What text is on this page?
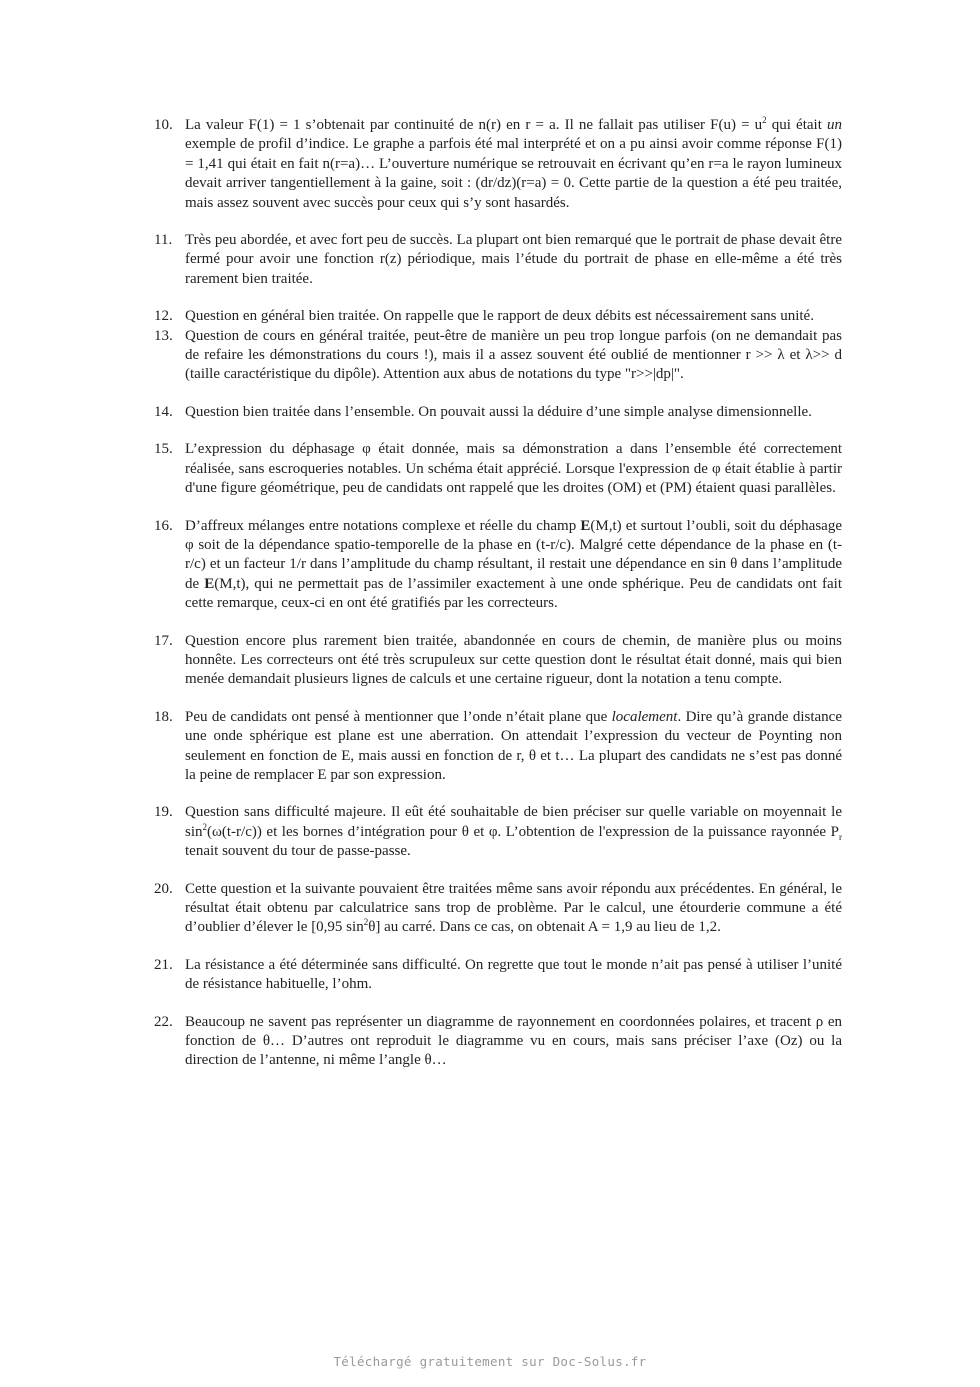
10. La valeur F(1) = 1 s’obtenait par continuité de n(r) en r = a. Il ne fallait pas utiliser $F(u) = u^2$ qui était un exemple de profil d’indice. Le graphe a parfois été mal interprété et on a pu ainsi avoir comme réponse F(1) = 1,41 qui était en fait n(r=a)… L’ouverture numérique se retrouvait en écrivant qu’en r=a le rayon lumineux devait arriver tangentiellement à la gaine, soit : (dr/dz)(r=a) = 0. Cette partie de la question a été peu traitée, mais assez souvent avec succès pour ceux qui s’y sont hasardés.
11. Très peu abordée, et avec fort peu de succès. La plupart ont bien remarqué que le portrait de phase devait être fermé pour avoir une fonction r(z) périodique, mais l’étude du portrait de phase en elle-même a été très rarement bien traitée.
12. Question en général bien traitée. On rappelle que le rapport de deux débits est nécessairement sans unité.
13. Question de cours en général traitée, peut-être de manière un peu trop longue parfois (on ne demandait pas de refaire les démonstrations du cours !), mais il a assez souvent été oublié de mentionner r >> λ et λ>> d (taille caractéristique du dipôle). Attention aux abus de notations du type "r>>|dp|".
14. Question bien traitée dans l’ensemble. On pouvait aussi la déduire d’une simple analyse dimensionnelle.
15. L’expression du déphasage φ était donnée, mais sa démonstration a dans l’ensemble été correctement réalisée, sans escroqueries notables. Un schéma était apprécié. Lorsque l'expression de φ était établie à partir d'une figure géométrique, peu de candidats ont rappelé que les droites (OM) et (PM) étaient quasi parallèles.
16. D’affreux mélanges entre notations complexe et réelle du champ E(M,t) et surtout l’oubli, soit du déphasage φ soit de la dépendance spatio-temporelle de la phase en (t-r/c). Malgré cette dépendance de la phase en (t-r/c) et un facteur 1/r dans l’amplitude du champ résultant, il restait une dépendance en sin θ dans l’amplitude de E(M,t), qui ne permettait pas de l’assimiler exactement à une onde sphérique. Peu de candidats ont fait cette remarque, ceux-ci en ont été gratifiés par les correcteurs.
17. Question encore plus rarement bien traitée, abandonnée en cours de chemin, de manière plus ou moins honnête. Les correcteurs ont été très scrupuleux sur cette question dont le résultat était donné, mais qui bien menée demandait plusieurs lignes de calculs et une certaine rigueur, dont la notation a tenu compte.
18. Peu de candidats ont pensé à mentionner que l’onde n’était plane que localement. Dire qu’à grande distance une onde sphérique est plane est une aberration. On attendait l’expression du vecteur de Poynting non seulement en fonction de E, mais aussi en fonction de r, θ et t… La plupart des candidats ne s’est pas donné la peine de remplacer E par son expression.
19. Question sans difficulté majeure. Il eût été souhaitable de bien préciser sur quelle variable on moyennait le $\sin^2(\omega(t-r/c))$ et les bornes d’intégration pour θ et φ. L’obtention de l'expression de la puissance rayonnée $P_r$ tenait souvent du tour de passe-passe.
20. Cette question et la suivante pouvaient être traitées même sans avoir répondu aux précédentes. En général, le résultat était obtenu par calculatrice sans trop de problème. Par le calcul, une étourderie commune a été d’oublier d’élever le [0,95 $\sin^2\theta$] au carré. Dans ce cas, on obtenait A = 1,9 au lieu de 1,2.
21. La résistance a été déterminée sans difficulté. On regrette que tout le monde n’ait pas pensé à utiliser l’unité de résistance habituelle, l’ohm.
22. Beaucoup ne savent pas représenter un diagramme de rayonnement en coordonnées polaires, et tracent ρ en fonction de θ… D’autres ont reproduit le diagramme vu en cours, mais sans préciser l’axe (Oz) ou la direction de l’antenne, ni même l’angle θ…
Téléchargé gratuitement sur Doc-Solus.fr
